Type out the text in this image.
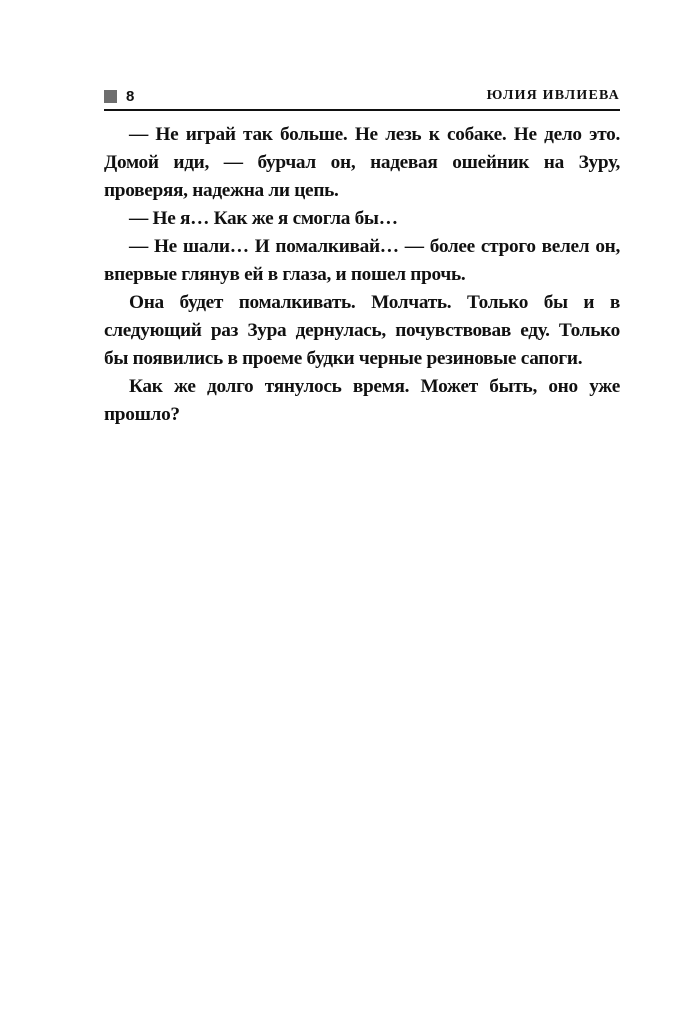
8	ЮЛИЯ ИВЛИЕВА

— Не играй так больше. Не лезь к собаке. Не дело это. Домой иди, — бурчал он, надевая ошейник на Зуру, проверяя, надежна ли цепь.

— Не я… Как же я смогла бы…

— Не шали… И помалкивай… — более строго велел он, впервые глянув ей в глаза, и пошел прочь.

Она будет помалкивать. Молчать. Только бы и в следующий раз Зура дернулась, почувствовав еду. Только бы появились в проеме будки черные резиновые сапоги.

Как же долго тянулось время. Может быть, оно уже прошло?
